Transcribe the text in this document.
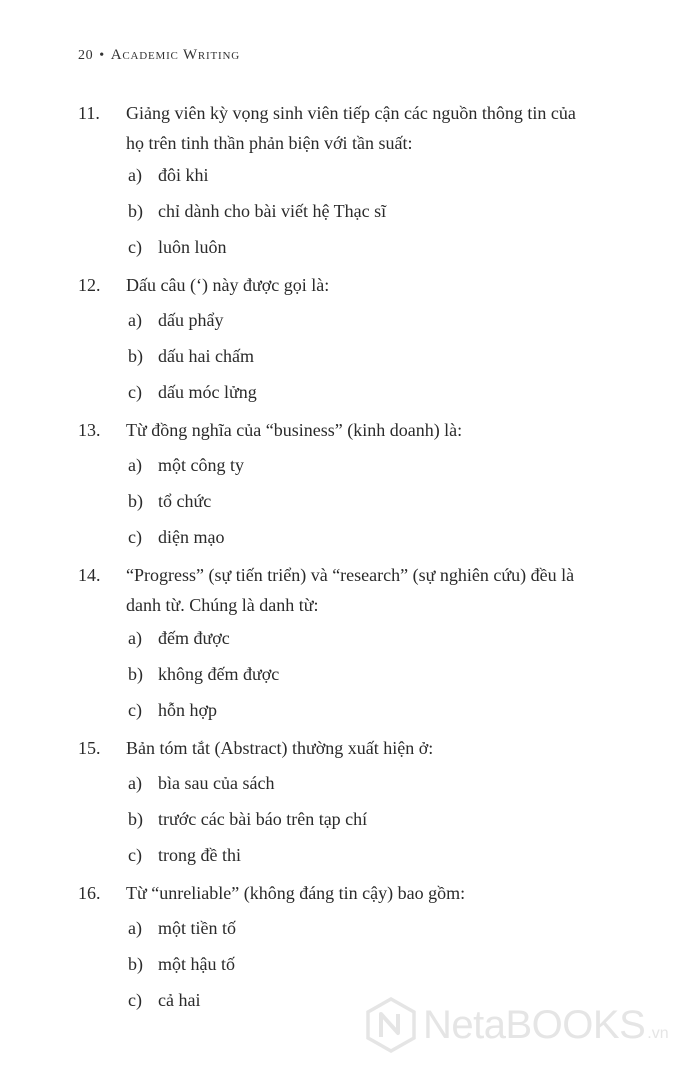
20 • Academic Writing
11.	Giảng viên kỳ vọng sinh viên tiếp cận các nguồn thông tin của
họ trên tinh thần phản biện với tần suất:
a) đôi khi
b) chỉ dành cho bài viết hệ Thạc sĩ
c) luôn luôn
12.	Dấu câu (‘) này được gọi là:
a) dấu phẩy
b) dấu hai chấm
c) dấu móc lửng
13.	Từ đồng nghĩa của “business” (kinh doanh) là:
a) một công ty
b) tổ chức
c) diện mạo
14.	“Progress” (sự tiến triển) và “research” (sự nghiên cứu) đều là
danh từ. Chúng là danh từ:
a) đếm được
b) không đếm được
c) hỗn hợp
15.	Bản tóm tắt (Abstract) thường xuất hiện ở:
a) bìa sau của sách
b) trước các bài báo trên tạp chí
c) trong đề thi
16.	Từ “unreliable” (không đáng tin cậy) bao gồm:
a) một tiền tố
b) một hậu tố
c) cả hai
NetaBOOKS .vn
